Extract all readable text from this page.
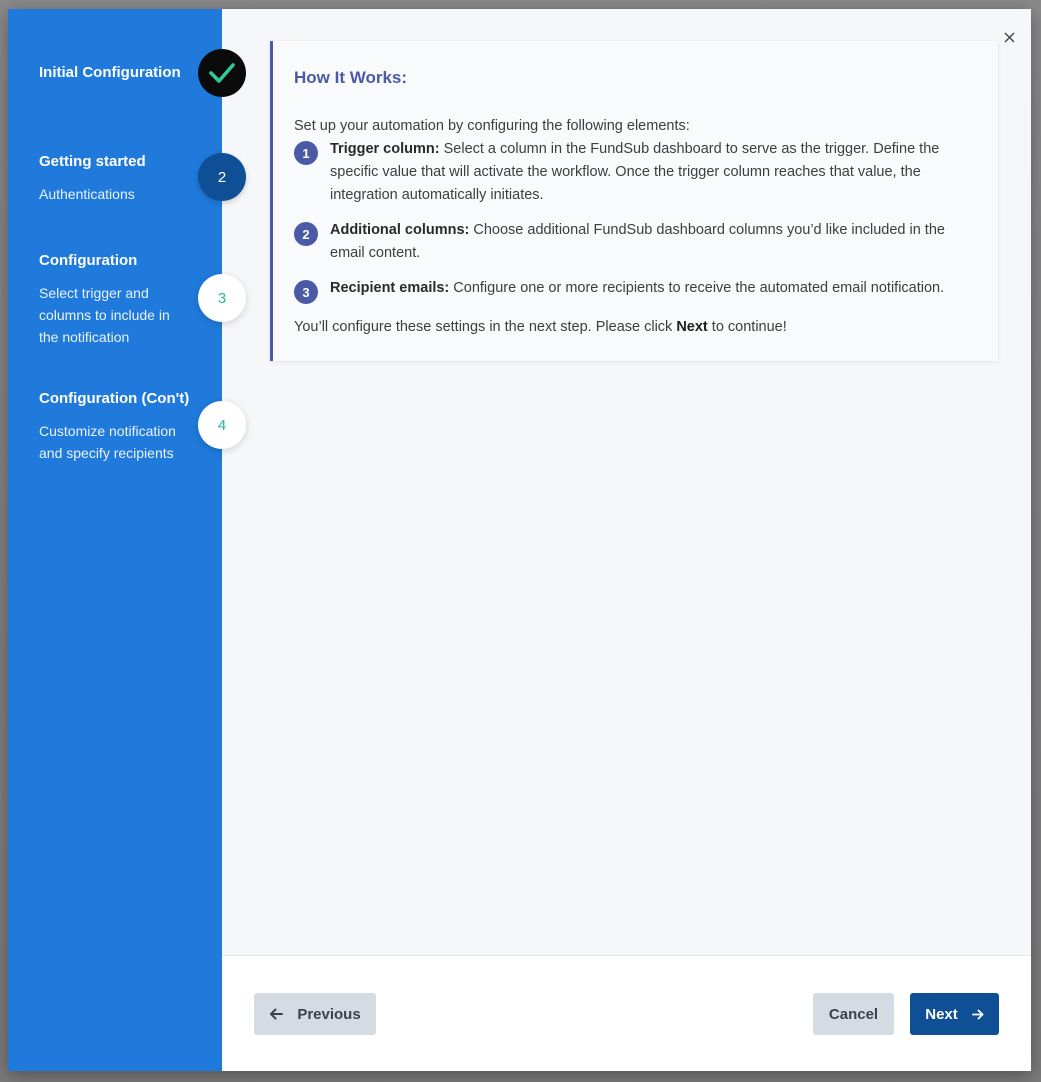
Initial Configuration
Getting started
Authentications
2
Configuration
Select trigger and columns to include in the notification
3
Configuration (Con't)
Customize notification and specify recipients
4
How It Works:
Set up your automation by configuring the following elements:
1	Trigger column: Select a column in the FundSub dashboard to serve as the trigger. Define the specific value that will activate the workflow. Once the trigger column reaches that value, the integration automatically initiates.
2	Additional columns: Choose additional FundSub dashboard columns you’d like included in the email content.
3	Recipient emails: Configure one or more recipients to receive the automated email notification.
You’ll configure these settings in the next step. Please click Next to continue!
Previous	Cancel	Next
